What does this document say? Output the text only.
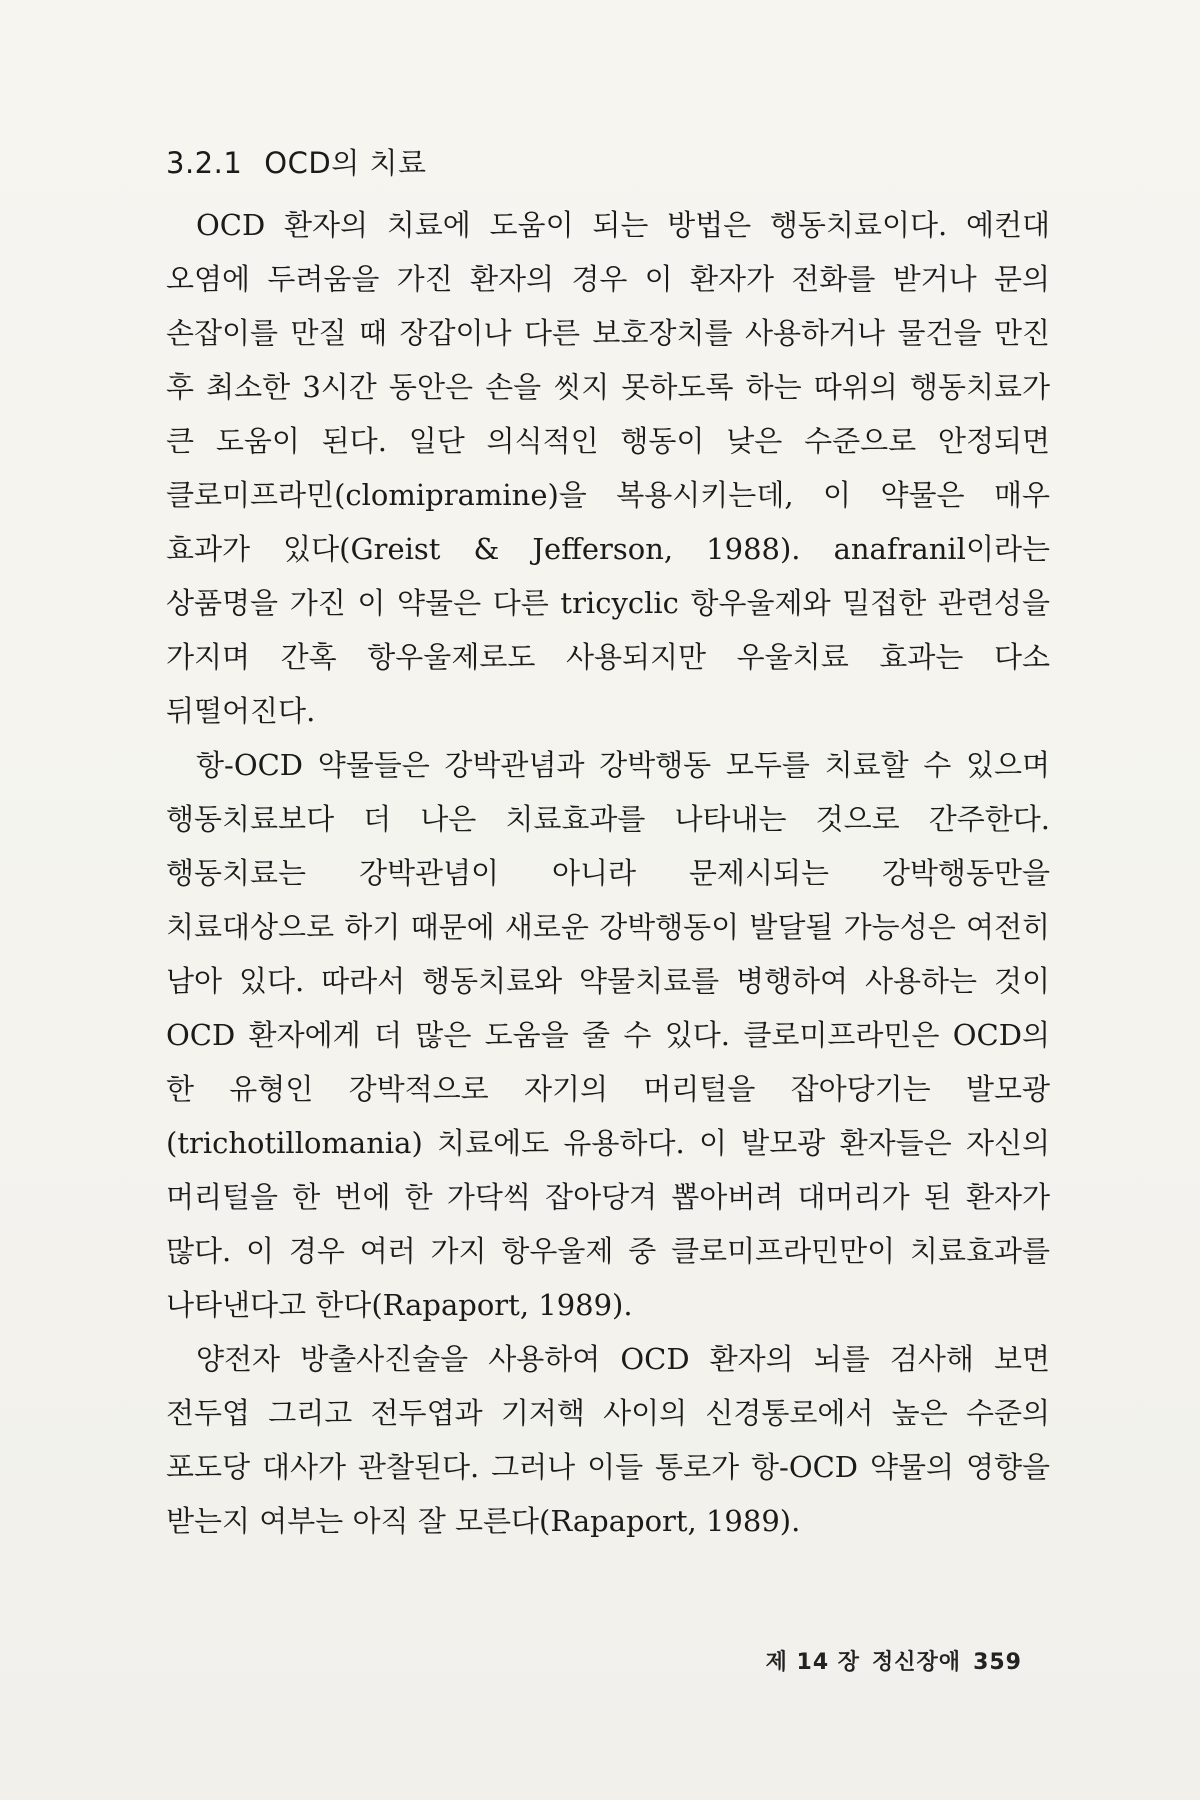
3.2.1 OCD의 치료

OCD 환자의 치료에 도움이 되는 방법은 행동치료이다. 예컨대 오염에 두려움을 가진 환자의 경우 이 환자가 전화를 받거나 문의 손잡이를 만질 때 장갑이나 다른 보호장치를 사용하거나 물건을 만진 후 최소한 3시간 동안은 손을 씻지 못하도록 하는 따위의 행동치료가 큰 도움이 된다. 일단 의식적인 행동이 낮은 수준으로 안정되면 클로미프라민(clomipramine)을 복용시키는데, 이 약물은 매우 효과가 있다(Greist & Jefferson, 1988). anafranil이라는 상품명을 가진 이 약물은 다른 tricyclic 항우울제와 밀접한 관련성을 가지며 간혹 항우울제로도 사용되지만 우울치료 효과는 다소 뒤떨어진다.

항-OCD 약물들은 강박관념과 강박행동 모두를 치료할 수 있으며 행동치료보다 더 나은 치료효과를 나타내는 것으로 간주한다. 행동치료는 강박관념이 아니라 문제시되는 강박행동만을 치료대상으로 하기 때문에 새로운 강박행동이 발달될 가능성은 여전히 남아 있다. 따라서 행동치료와 약물치료를 병행하여 사용하는 것이 OCD 환자에게 더 많은 도움을 줄 수 있다. 클로미프라민은 OCD의 한 유형인 강박적으로 자기의 머리털을 잡아당기는 발모광(trichotillomania) 치료에도 유용하다. 이 발모광 환자들은 자신의 머리털을 한 번에 한 가닥씩 잡아당겨 뽑아버려 대머리가 된 환자가 많다. 이 경우 여러 가지 항우울제 중 클로미프라민만이 치료효과를 나타낸다고 한다(Rapaport, 1989).

양전자 방출사진술을 사용하여 OCD 환자의 뇌를 검사해 보면 전두엽 그리고 전두엽과 기저핵 사이의 신경통로에서 높은 수준의 포도당 대사가 관찰된다. 그러나 이들 통로가 항-OCD 약물의 영향을 받는지 여부는 아직 잘 모른다(Rapaport, 1989).

제 14 장 정신장애 359
